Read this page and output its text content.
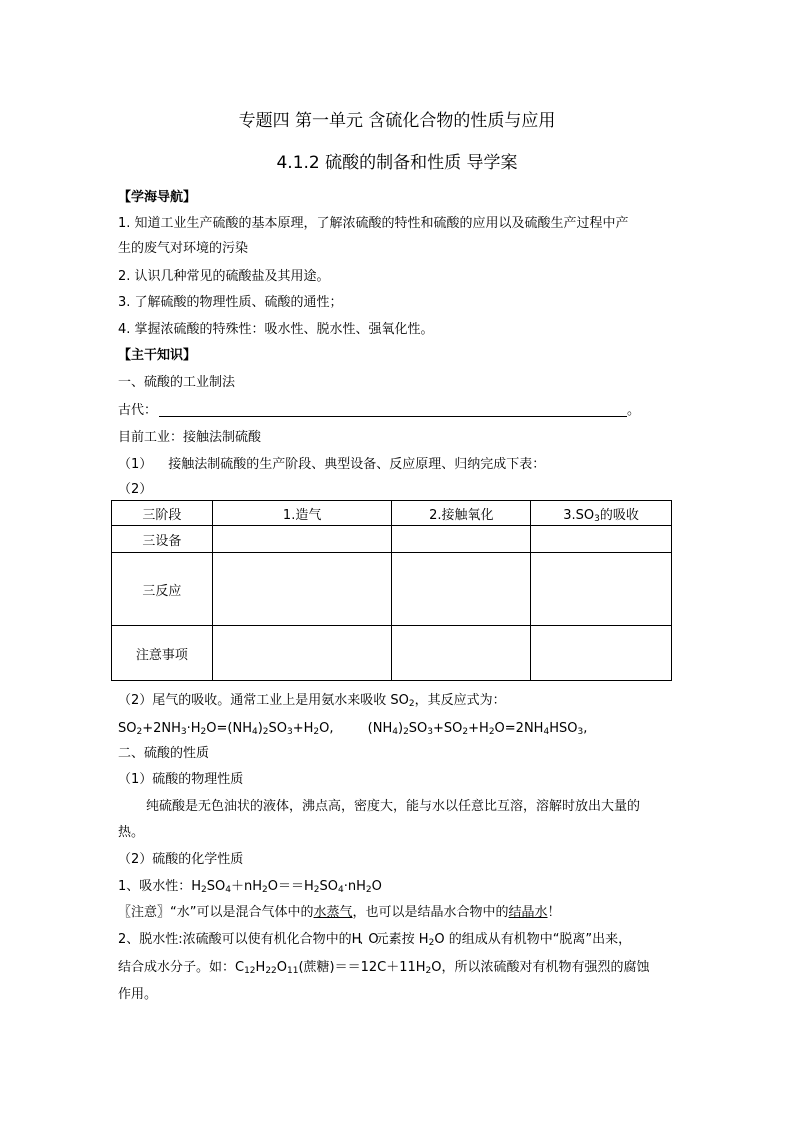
专题四 第一单元 含硫化合物的性质与应用
4.1.2 硫酸的制备和性质 导学案
【学海导航】
1. 知道工业生产硫酸的基本原理，了解浓硫酸的特性和硫酸的应用以及硫酸生产过程中产
生的废气对环境的污染
2. 认识几种常见的硫酸盐及其用途。
3. 了解硫酸的物理性质、硫酸的通性；
4. 掌握浓硫酸的特殊性：吸水性、脱水性、强氧化性。
【主干知识】
一、硫酸的工业制法
古代：	。
目前工业：接触法制硫酸
（1） 接触法制硫酸的生产阶段、典型设备、反应原理、归纳完成下表：
（2）
三阶段	1.造气	2.接触氧化	$3.SO_3$的吸收
三设备			
三反应			
注意事项			
（2）尾气的吸收。通常工业上是用氨水来吸收 $SO_2$，其反应式为：
$SO_2+2NH_3\cdot H_2O=(NH_4)_2SO_3+H_2O$,	$(NH_4)_2SO_3+SO_2+H_2O=2NH_4HSO_3$,
二、硫酸的性质
（1）硫酸的物理性质
纯硫酸是无色油状的液体，沸点高，密度大，能与水以任意比互溶，溶解时放出大量的
热。
（2）硫酸的化学性质
1、吸水性：$H_2SO_4+nH_2O==H_2SO_4\cdot nH_2O$
〖注意〗“水”可以是混合气体中的水蒸气，也可以是结晶水合物中的结晶水！
2、脱水性:浓硫酸可以使有机化合物中的H、O元素按 $H_2O$ 的组成从有机物中“脱离”出来，
结合成水分子。如：$C_{12}H_{22}O_{11}$(蔗糖)$==12C+11H_2O$，所以浓硫酸对有机物有强烈的腐蚀
作用。
